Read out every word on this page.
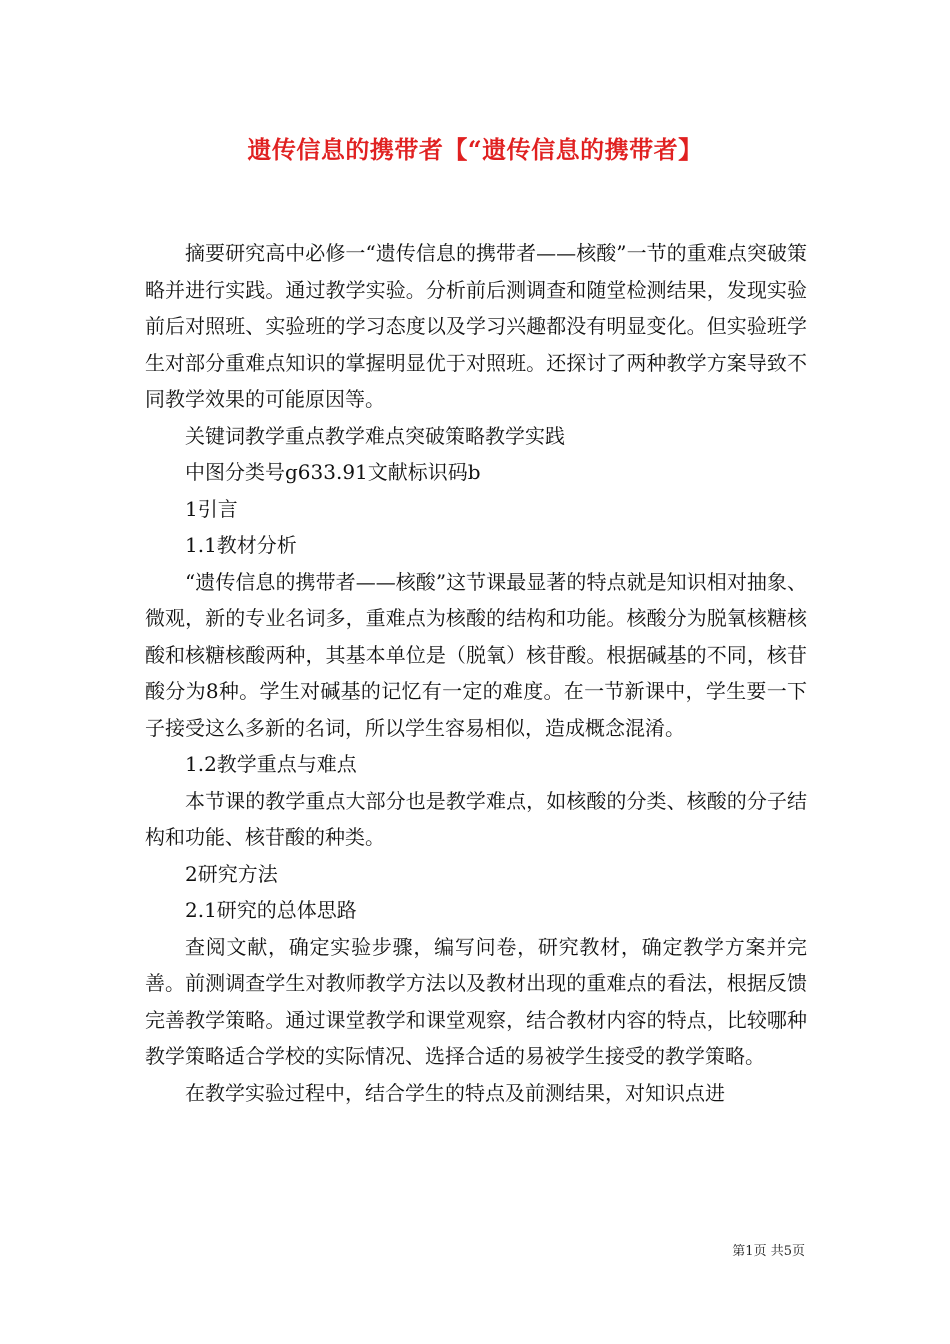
遗传信息的携带者【“遗传信息的携带者】

摘要研究高中必修一“遗传信息的携带者——核酸”一节的重难点突破策略并进行实践。通过教学实验。分析前后测调查和随堂检测结果，发现实验前后对照班、实验班的学习态度以及学习兴趣都没有明显变化。但实验班学生对部分重难点知识的掌握明显优于对照班。还探讨了两种教学方案导致不同教学效果的可能原因等。

关键词教学重点教学难点突破策略教学实践

中图分类号g633.91文献标识码b

1引言

1.1教材分析

“遗传信息的携带者——核酸”这节课最显著的特点就是知识相对抽象、微观，新的专业名词多，重难点为核酸的结构和功能。核酸分为脱氧核糖核酸和核糖核酸两种，其基本单位是（脱氧）核苷酸。根据碱基的不同，核苷酸分为8种。学生对碱基的记忆有一定的难度。在一节新课中，学生要一下子接受这么多新的名词，所以学生容易相似，造成概念混淆。

1.2教学重点与难点

本节课的教学重点大部分也是教学难点，如核酸的分类、核酸的分子结构和功能、核苷酸的种类。

2研究方法

2.1研究的总体思路

查阅文献，确定实验步骤，编写问卷，研究教材，确定教学方案并完善。前测调查学生对教师教学方法以及教材出现的重难点的看法，根据反馈完善教学策略。通过课堂教学和课堂观察，结合教材内容的特点，比较哪种教学策略适合学校的实际情况、选择合适的易被学生接受的教学策略。

在教学实验过程中，结合学生的特点及前测结果，对知识点进

第1页 共5页
